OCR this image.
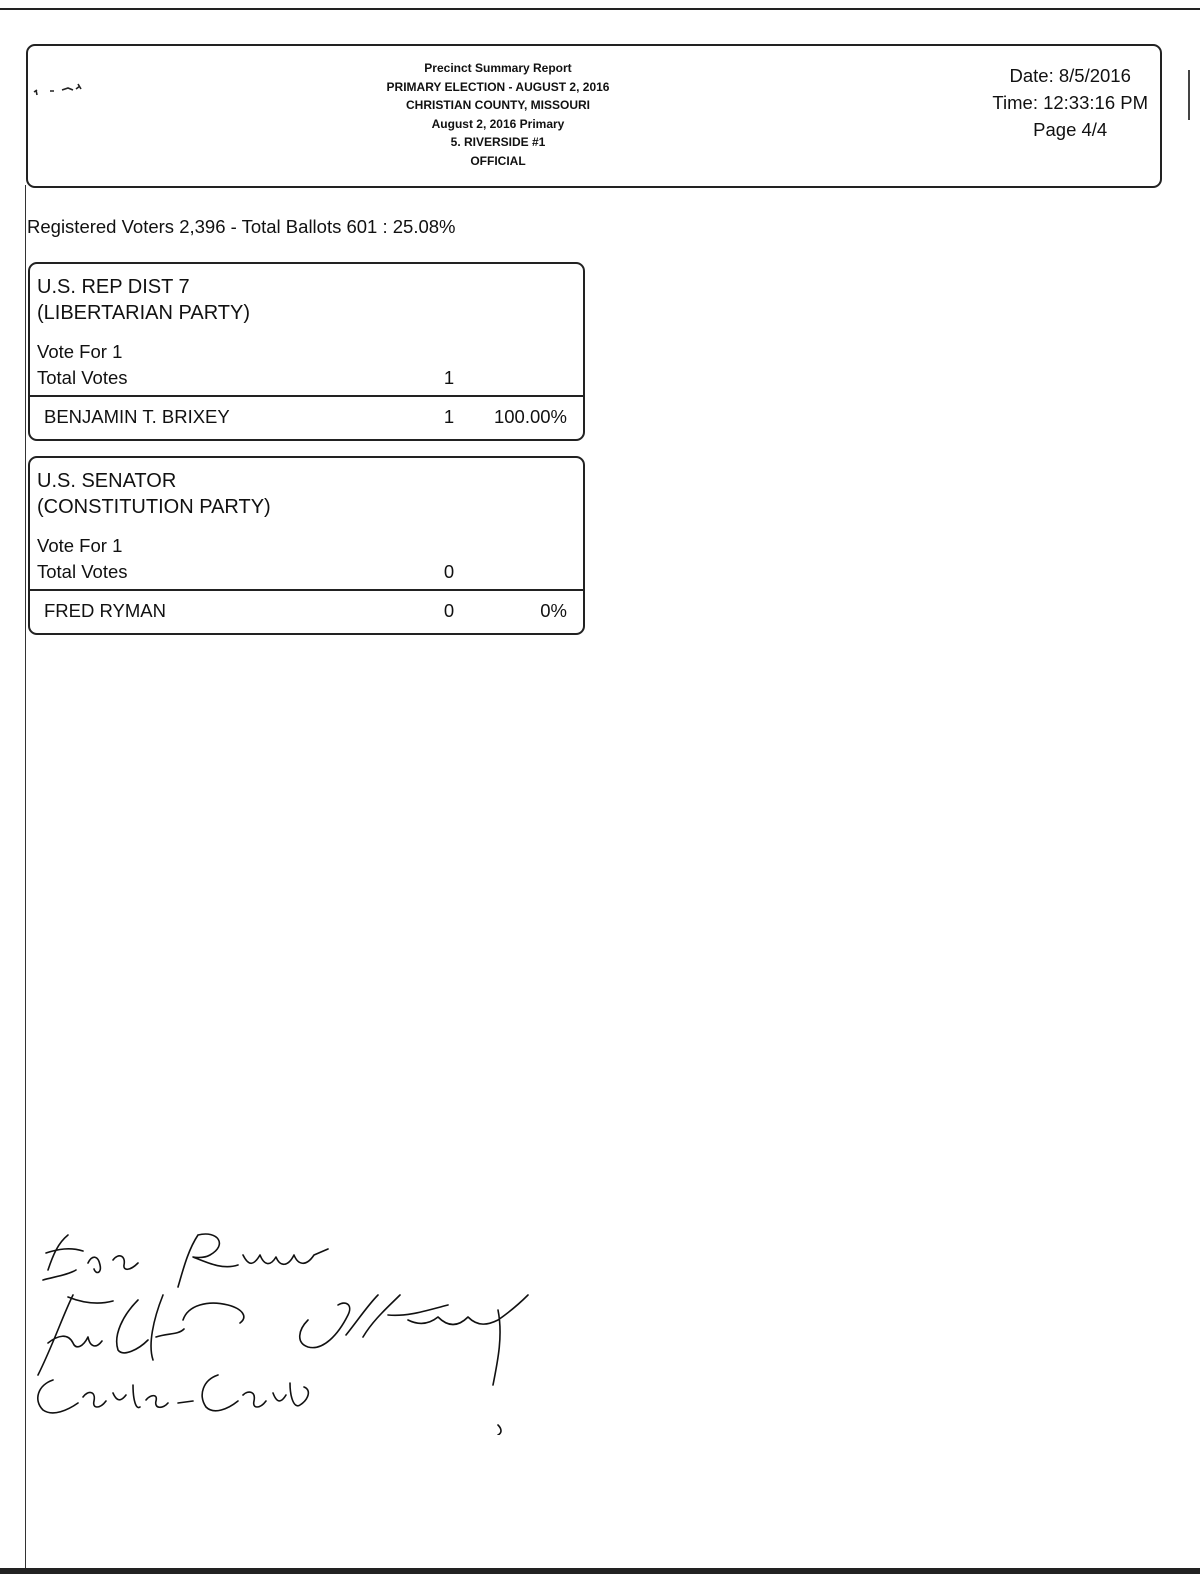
Precinct Summary Report
PRIMARY ELECTION - AUGUST 2, 2016
CHRISTIAN COUNTY, MISSOURI
August 2, 2016 Primary
5. RIVERSIDE #1
OFFICIAL
Date: 8/5/2016
Time: 12:33:16 PM
Page 4/4
Registered Voters 2,396 - Total Ballots 601 : 25.08%
U.S. REP DIST 7
(LIBERTARIAN PARTY)
Vote For 1
Total Votes	1
BENJAMIN T. BRIXEY	1	100.00%
U.S. SENATOR
(CONSTITUTION PARTY)
Vote For 1
Total Votes	0
FRED RYMAN	0	0%
